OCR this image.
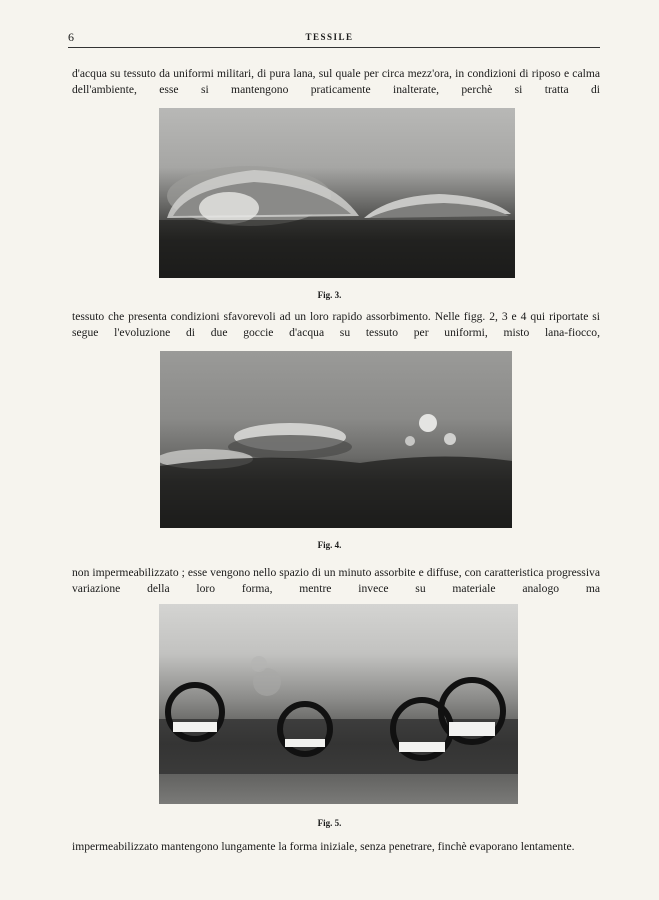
6	TESSILE

d'acqua su tessuto da uniformi militari, di pura lana, sul quale per circa mezz'ora, in condizioni di riposo e calma dell'ambiente, esse si mantengono praticamente inalterate, perchè si tratta di

Fig. 3.

tessuto che presenta condizioni sfavorevoli ad un loro rapido assorbimento. Nelle figg. 2, 3 e 4 qui riportate si segue l'evoluzione di due goccie d'acqua su tessuto per uniformi, misto lana-fiocco,

Fig. 4.

non impermeabilizzato ; esse vengono nello spazio di un minuto assorbite e diffuse, con caratteristica progressiva variazione della loro forma, mentre invece su materiale analogo ma

Fig. 5.

impermeabilizzato mantengono lungamente la forma iniziale, senza penetrare, finchè evaporano lentamente.
